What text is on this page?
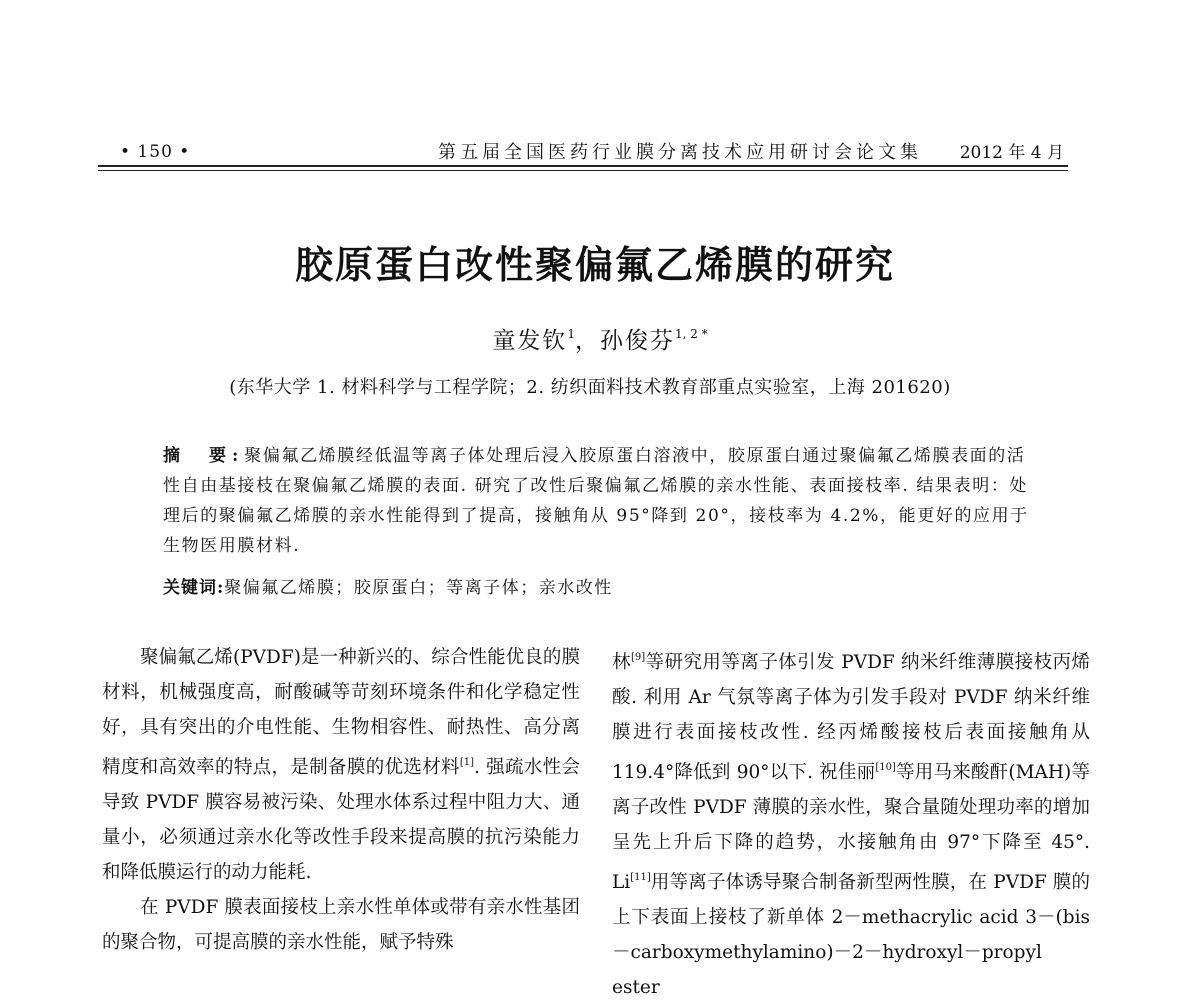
• 150 •	第五届全国医药行业膜分离技术应用研讨会论文集 2012 年 4 月
胶原蛋白改性聚偏氟乙烯膜的研究
童发钦$^1$，孙俊芬$^{1, 2 *}$
(东华大学 1. 材料科学与工程学院；2. 纺织面料技术教育部重点实验室，上海 201620)
摘　要:聚偏氟乙烯膜经低温等离子体处理后浸入胶原蛋白溶液中，胶原蛋白通过聚偏氟乙烯膜表面的活性自由基接枝在聚偏氟乙烯膜的表面. 研究了改性后聚偏氟乙烯膜的亲水性能、表面接枝率. 结果表明：处理后的聚偏氟乙烯膜的亲水性能得到了提高，接触角从 95°降到 20°，接枝率为 4.2%，能更好的应用于生物医用膜材料.
关键词:聚偏氟乙烯膜；胶原蛋白；等离子体；亲水改性

聚偏氟乙烯(PVDF)是一种新兴的、综合性能优良的膜材料，机械强度高，耐酸碱等苛刻环境条件和化学稳定性好，具有突出的介电性能、生物相容性、耐热性、高分离精度和高效率的特点，是制备膜的优选材料[1]. 强疏水性会导致 PVDF 膜容易被污染、处理水体系过程中阻力大、通量小，必须通过亲水化等改性手段来提高膜的抗污染能力和降低膜运行的动力能耗.

在 PVDF 膜表面接枝上亲水性单体或带有亲水性基团的聚合物，可提高膜的亲水性能，赋予特殊

林[9]等研究用等离子体引发 PVDF 纳米纤维薄膜接枝丙烯酸. 利用 Ar 气氛等离子体为引发手段对 PVDF 纳米纤维膜进行表面接枝改性. 经丙烯酸接枝后表面接触角从 119.4°降低到 90°以下. 祝佳丽[10]等用马来酸酐(MAH)等离子改性 PVDF 薄膜的亲水性，聚合量随处理功率的增加呈先上升后下降的趋势，水接触角由 97°下降至 45°. Li[11]用等离子体诱导聚合制备新型两性膜，在 PVDF 膜的上下表面上接枝了新单体 2－methacrylic acid 3－(bis－carboxymethylamino)－2－hydroxyl－propyl ester
